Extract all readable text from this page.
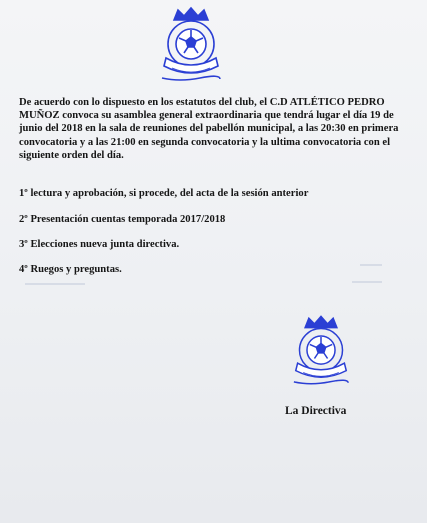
De acuerdo con lo dispuesto en los estatutos del club, el C.D ATLÉTICO PEDRO MUÑOZ convoca su asamblea general extraordinaria que tendrá lugar el día 19 de junio del 2018 en la sala de reuniones del pabellón municipal, a las 20:30 en primera convocatoria y a las 21:00 en segunda convocatoria y la ultima convocatoria con el siguiente orden del día.

1º lectura y aprobación, si procede, del acta de la sesión anterior

2º Presentación cuentas temporada 2017/2018

3º Elecciones nueva junta directiva.

4º Ruegos y preguntas.

La Directiva
